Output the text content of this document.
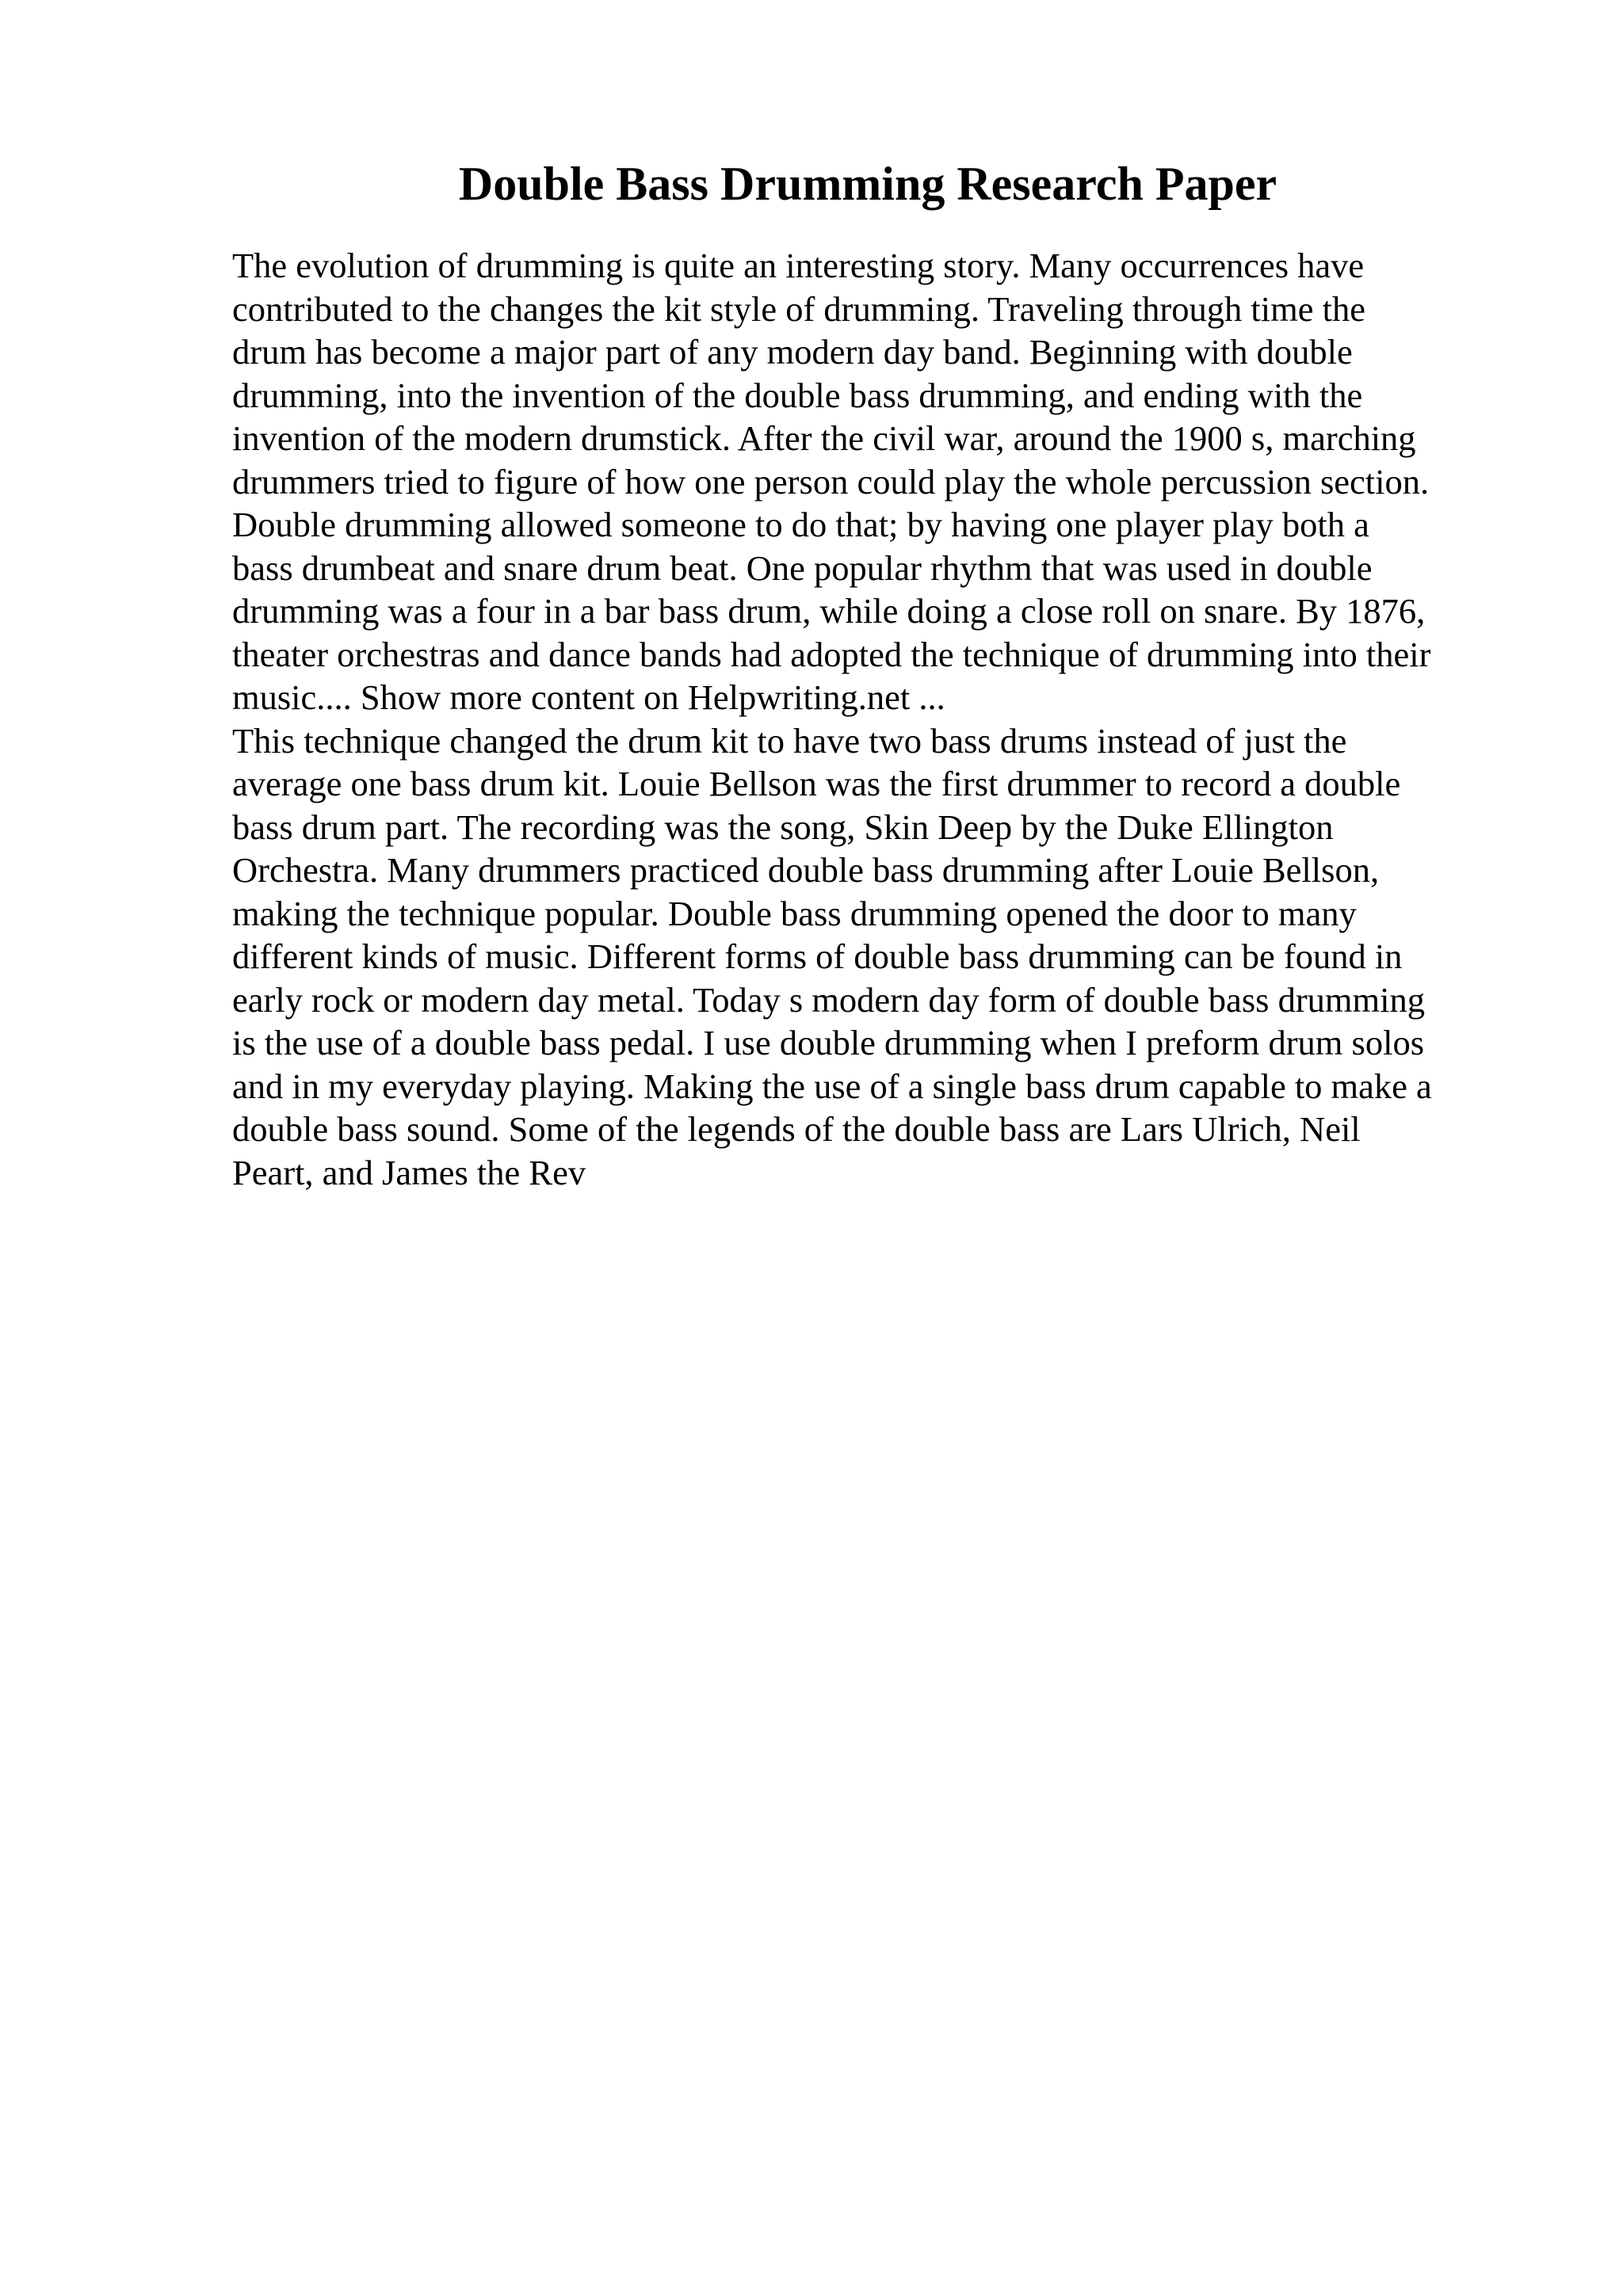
Double Bass Drumming Research Paper
The evolution of drumming is quite an interesting story. Many occurrences have
contributed to the changes the kit style of drumming. Traveling through time the
drum has become a major part of any modern day band. Beginning with double
drumming, into the invention of the double bass drumming, and ending with the
invention of the modern drumstick. After the civil war, around the 1900 s, marching
drummers tried to figure of how one person could play the whole percussion section.
Double drumming allowed someone to do that; by having one player play both a
bass drumbeat and snare drum beat. One popular rhythm that was used in double
drumming was a four in a bar bass drum, while doing a close roll on snare. By 1876,
theater orchestras and dance bands had adopted the technique of drumming into their
music.... Show more content on Helpwriting.net ...
This technique changed the drum kit to have two bass drums instead of just the
average one bass drum kit. Louie Bellson was the first drummer to record a double
bass drum part. The recording was the song, Skin Deep by the Duke Ellington
Orchestra. Many drummers practiced double bass drumming after Louie Bellson,
making the technique popular. Double bass drumming opened the door to many
different kinds of music. Different forms of double bass drumming can be found in
early rock or modern day metal. Today s modern day form of double bass drumming
is the use of a double bass pedal. I use double drumming when I preform drum solos
and in my everyday playing. Making the use of a single bass drum capable to make a
double bass sound. Some of the legends of the double bass are Lars Ulrich, Neil
Peart, and James the Rev
